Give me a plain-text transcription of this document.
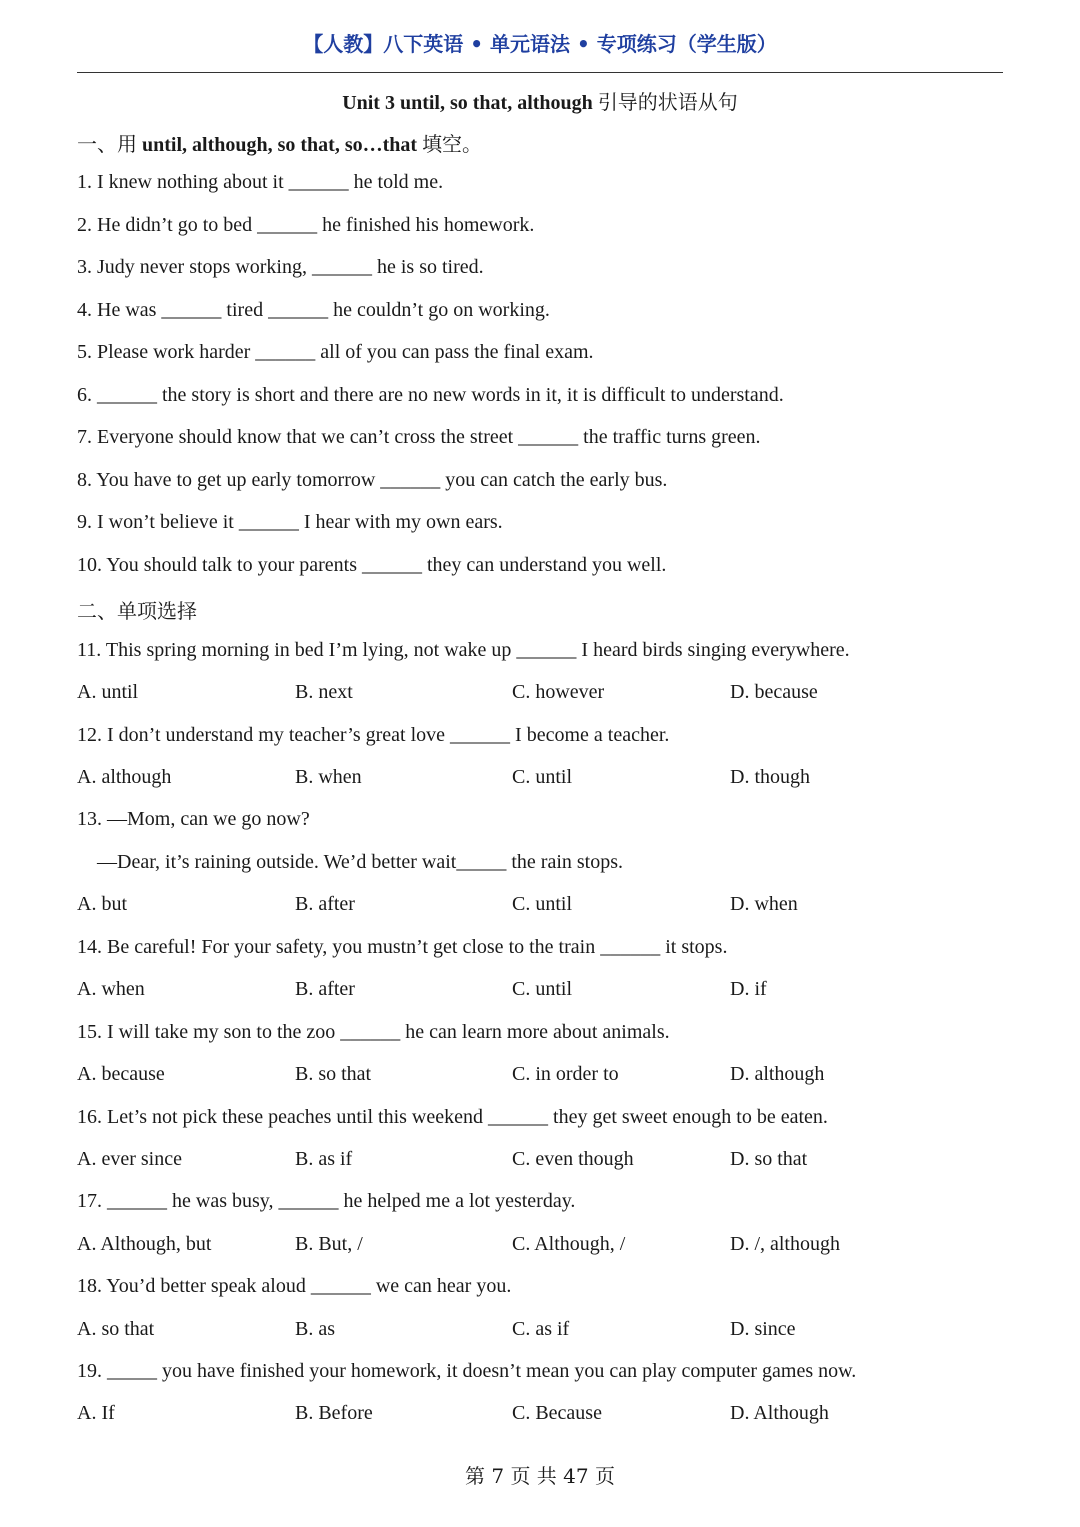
【人教】八下英语 • 单元语法 • 专项练习（学生版）
Unit 3 until, so that, although 引导的状语从句
一、用 until, although, so that, so…that 填空。
1. I knew nothing about it ______ he told me.
2. He didn’t go to bed ______ he finished his homework.
3. Judy never stops working, ______ he is so tired.
4. He was ______ tired ______ he couldn’t go on working.
5. Please work harder ______ all of you can pass the final exam.
6. ______ the story is short and there are no new words in it, it is difficult to understand.
7. Everyone should know that we can’t cross the street ______ the traffic turns green.
8. You have to get up early tomorrow ______ you can catch the early bus.
9. I won’t believe it ______ I hear with my own ears.
10. You should talk to your parents ______ they can understand you well.
二、单项选择
11. This spring morning in bed I’m lying, not wake up ______ I heard birds singing everywhere.
A. until	B. next	C. however	D. because
12. I don’t understand my teacher’s great love ______ I become a teacher.
A. although	B. when	C. until	D. though
13. —Mom, can we go now?
—Dear, it’s raining outside. We’d better wait_____ the rain stops.
A. but	B. after	C. until	D. when
14. Be careful! For your safety, you mustn’t get close to the train ______ it stops.
A. when	B. after	C. until	D. if
15. I will take my son to the zoo ______ he can learn more about animals.
A. because	B. so that	C. in order to	D. although
16. Let’s not pick these peaches until this weekend ______ they get sweet enough to be eaten.
A. ever since	B. as if	C. even though	D. so that
17. ______ he was busy, ______ he helped me a lot yesterday.
A. Although, but	B. But, /	C. Although, /	D. /, although
18. You’d better speak aloud ______ we can hear you.
A. so that	B. as	C. as if	D. since
19. _____ you have finished your homework, it doesn’t mean you can play computer games now.
A. If	B. Before	C. Because	D. Although
第 7 页 共 47 页
